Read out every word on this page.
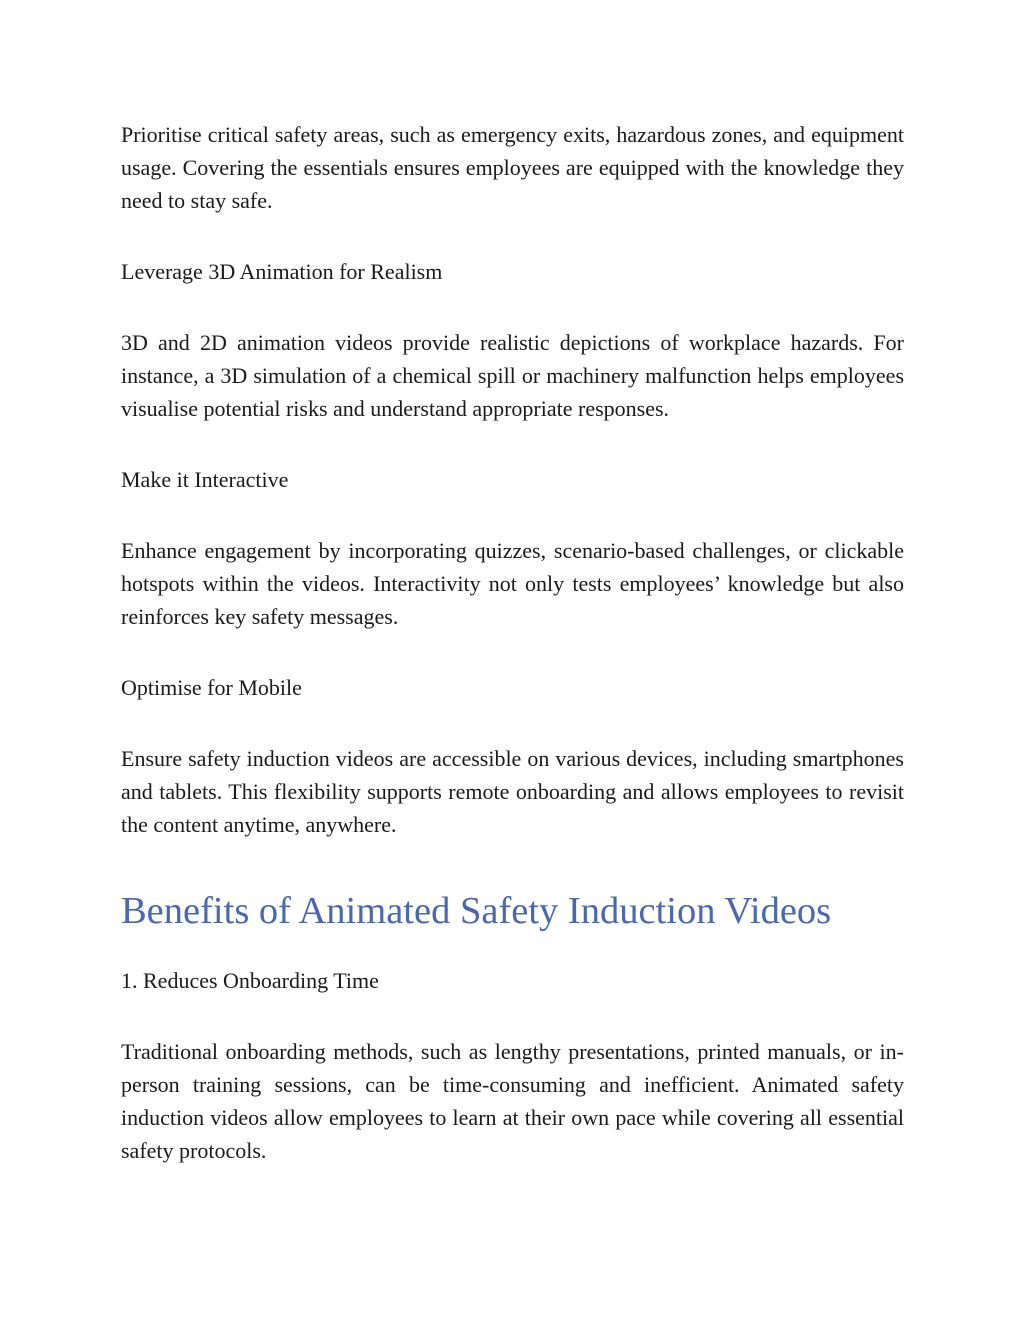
Prioritise critical safety areas, such as emergency exits, hazardous zones, and equipment usage. Covering the essentials ensures employees are equipped with the knowledge they need to stay safe.

Leverage 3D Animation for Realism

3D and 2D animation videos provide realistic depictions of workplace hazards. For instance, a 3D simulation of a chemical spill or machinery malfunction helps employees visualise potential risks and understand appropriate responses.

Make it Interactive

Enhance engagement by incorporating quizzes, scenario-based challenges, or clickable hotspots within the videos. Interactivity not only tests employees’ knowledge but also reinforces key safety messages.

Optimise for Mobile

Ensure safety induction videos are accessible on various devices, including smartphones and tablets. This flexibility supports remote onboarding and allows employees to revisit the content anytime, anywhere.

Benefits of Animated Safety Induction Videos

1. Reduces Onboarding Time

Traditional onboarding methods, such as lengthy presentations, printed manuals, or in-person training sessions, can be time-consuming and inefficient. Animated safety induction videos allow employees to learn at their own pace while covering all essential safety protocols.
